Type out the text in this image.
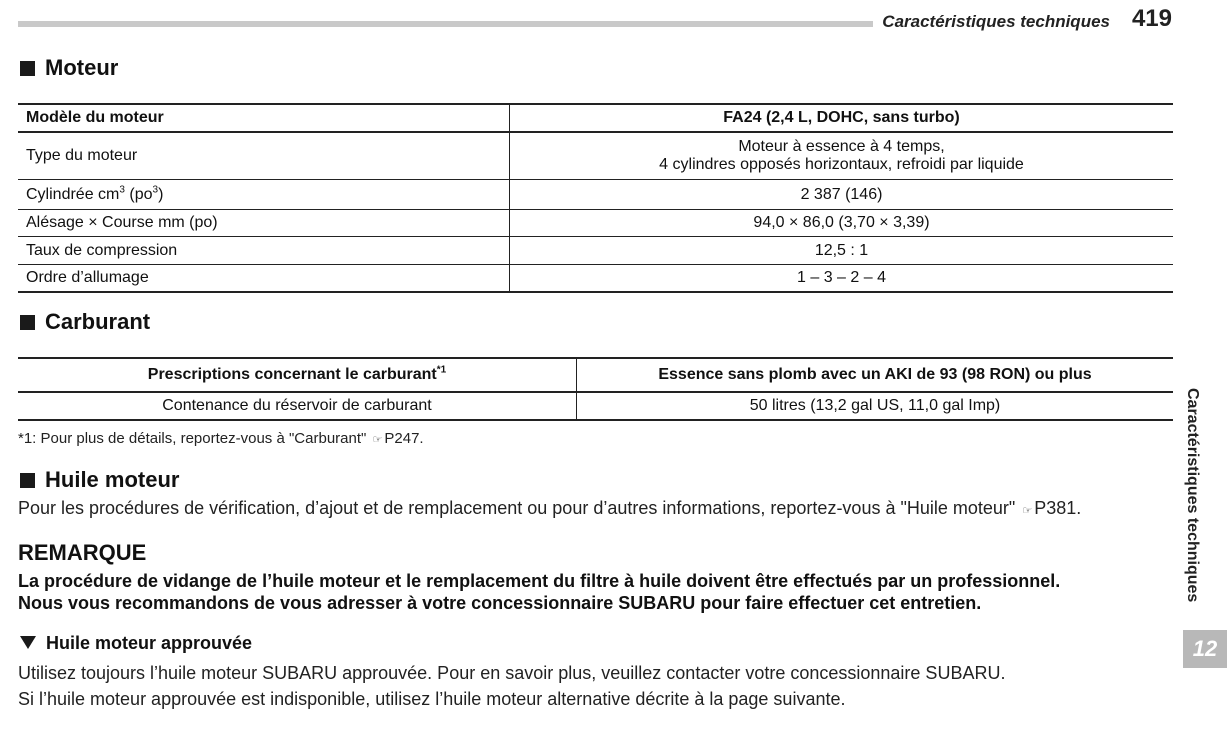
Caractéristiques techniques 419
Moteur
Modèle du moteur	FA24 (2,4 L, DOHC, sans turbo)
Type du moteur	Moteur à essence à 4 temps,
4 cylindres opposés horizontaux, refroidi par liquide

Cylindrée $cm^3$ $(po^3)$	2 387 (146)
Alésage × Course mm (po)	94,0 × 86,0 (3,70 × 3,39)
Taux de compression	12,5 : 1
Ordre d’allumage	1 – 3 – 2 – 4
Carburant
Prescriptions concernant le carburant$^{*1}$	Essence sans plomb avec un AKI de 93 (98 RON) ou plus
Contenance du réservoir de carburant	50 litres (13,2 gal US, 11,0 gal Imp)
*1: Pour plus de détails, reportez-vous à "Carburant" ☞ P247.
Huile moteur
Pour les procédures de vérification, d’ajout et de remplacement ou pour d’autres informations, reportez-vous à "Huile moteur" ☞ P381.
REMARQUE
La procédure de vidange de l’huile moteur et le remplacement du filtre à huile doivent être effectués par un professionnel.
Nous vous recommandons de vous adresser à votre concessionnaire SUBARU pour faire effectuer cet entretien.
Huile moteur approuvée
Utilisez toujours l’huile moteur SUBARU approuvée. Pour en savoir plus, veuillez contacter votre concessionnaire SUBARU.
Si l’huile moteur approuvée est indisponible, utilisez l’huile moteur alternative décrite à la page suivante.
Caractéristiques techniques
12
